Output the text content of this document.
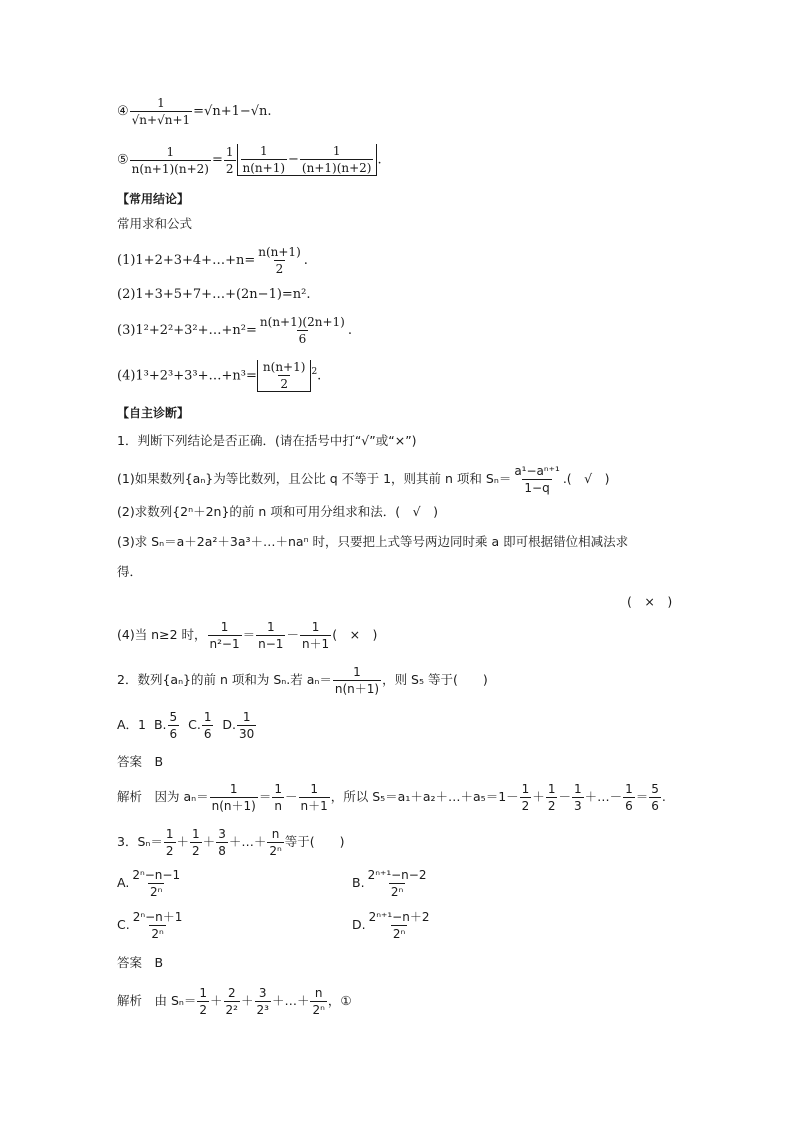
④ $\frac{1}{√n+√n+1} =√n+1-√n$.
⑤ $\frac{1}{n(n+1)(n+2)} = \frac{1}{2} \frac{1}{n(n+1)} - \frac{1}{(n+1)(n+2)}$ .
【常用结论】
常用求和公式
(1)1+2+3+4+…+n= $\frac{n(n+1)}{2}$ .
(2)1+3+5+7+…+(2n−1)=n².
(3)1²+2²+3²+…+n²= $\frac{n(n+1)(2n+1)}{6}$ .
(4)1³+2³+3³+…+n³= $\frac{n(n+1)}{2} ^2$.
【自主诊断】
1．判断下列结论是否正确．(请在括号中打“√”或“×”)
(1)如果数列{aₙ}为等比数列，且公比 q 不等于 1，则其前 n 项和 $S_n= \frac{\text{a¹−aⁿ⁺¹}}{1-q}$ .(　√　)
(2)求数列{2ⁿ＋2n}的前 n 项和可用分组求和法．(　√　)
(3)求 Sₙ＝a＋2a²＋3a³＋…＋naⁿ 时，只要把上式等号两边同时乘 a 即可根据错位相减法求
得．
(　×　)
(4)当 n≥2 时， $\frac{1}{\text{n²−1}} = \frac{1}{n-1} - \frac{1}{n+1}$ (　×　)
2．数列{aₙ}的前 n 项和为 Sₙ.若 $a_n= \frac{1}{n(n+1)}$ ，则 S₅ 等于(　　)
A．1 B. $\frac{5}{6} C$. $\frac{1}{6} D$. $\frac{1}{30}$
答案　B
解析　因为 $a_n= \frac{1}{n(n+1)} = \frac{1}{n} - \frac{1}{n+1}$ ，所以 S₅＝a₁＋a₂＋…＋a₅＝1－ $\frac{1}{2} + \frac{1}{2} - \frac{1}{3}$ ＋…－ $\frac{1}{6} = \frac{5}{6}$ .
3．$S_n= \frac{1}{2} + \frac{1}{2} + \frac{3}{8}$ ＋…＋ $\frac{n}{\text{2ⁿ}}$ 等于(　　)
A. $\frac{\text{2ⁿ−n−1}}{\text{2ⁿ}}$	B. $\frac{\text{2ⁿ⁺¹−n−2}}{\text{2ⁿ}}$
C. $\frac{\text{2ⁿ−n＋1}}{\text{2ⁿ}}$	D. $\frac{\text{2ⁿ⁺¹−n＋2}}{\text{2ⁿ}}$
答案　B
解析　由 $S_n= \frac{1}{2} + \frac{2}{\text{2²}} + \frac{3}{\text{2³}}$ ＋…＋ $\frac{n}{\text{2ⁿ}}$ ，①
